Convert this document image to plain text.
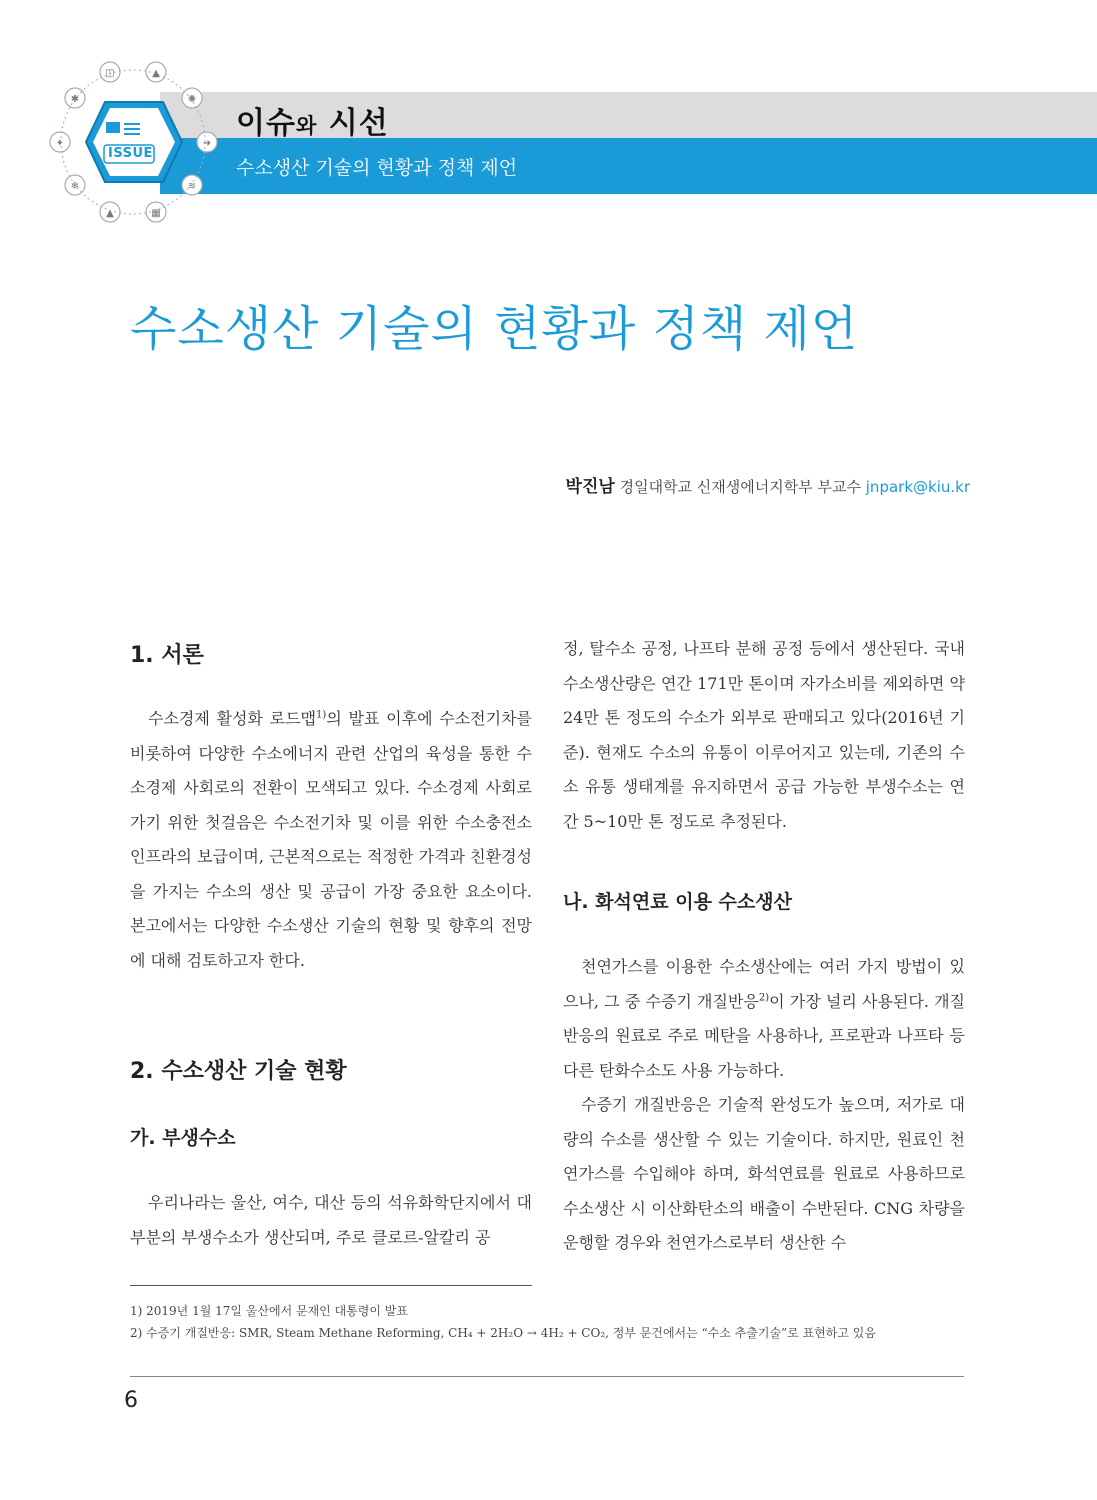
이슈와 시선
수소생산 기술의 현황과 정책 제언
◫	▲
✱	✺
✦	➜
❄	≋
▲	▦
ISSUE
수소생산 기술의 현황과 정책 제언
박진남 경일대학교 신재생에너지학부 부교수 jnpark@kiu.kr
1. 서론

수소경제 활성화 로드맵$^{1)}$의 발표 이후에 수소전기차를 비롯하여 다양한 수소에너지 관련 산업의 육성을 통한 수소경제 사회로의 전환이 모색되고 있다. 수소경제 사회로 가기 위한 첫걸음은 수소전기차 및 이를 위한 수소충전소 인프라의 보급이며, 근본적으로는 적정한 가격과 친환경성을 가지는 수소의 생산 및 공급이 가장 중요한 요소이다. 본고에서는 다양한 수소생산 기술의 현황 및 향후의 전망에 대해 검토하고자 한다.

2. 수소생산 기술 현황
가. 부생수소

우리나라는 울산, 여수, 대산 등의 석유화학단지에서 대부분의 부생수소가 생산되며, 주로 클로르-알칼리 공

정, 탈수소 공정, 나프타 분해 공정 등에서 생산된다. 국내 수소생산량은 연간 171만 톤이며 자가소비를 제외하면 약 24만 톤 정도의 수소가 외부로 판매되고 있다(2016년 기준). 현재도 수소의 유통이 이루어지고 있는데, 기존의 수소 유통 생태계를 유지하면서 공급 가능한 부생수소는 연간 5~10만 톤 정도로 추정된다.

나. 화석연료 이용 수소생산

천연가스를 이용한 수소생산에는 여러 가지 방법이 있으나, 그 중 수증기 개질반응$^{2)}$이 가장 널리 사용된다. 개질 반응의 원료로 주로 메탄을 사용하나, 프로판과 나프타 등 다른 탄화수소도 사용 가능하다.

수증기 개질반응은 기술적 완성도가 높으며, 저가로 대량의 수소를 생산할 수 있는 기술이다. 하지만, 원료인 천연가스를 수입해야 하며, 화석연료를 원료로 사용하므로 수소생산 시 이산화탄소의 배출이 수반된다. CNG 차량을 운행할 경우와 천연가스로부터 생산한 수

1) 2019년 1월 17일 울산에서 문재인 대통령이 발표
2) 수증기 개질반응: SMR, Steam Methane Reforming, CH₄ + 2H₂O → 4H₂ + CO₂, 정부 문건에서는 “수소 추출기술”로 표현하고 있음
6
